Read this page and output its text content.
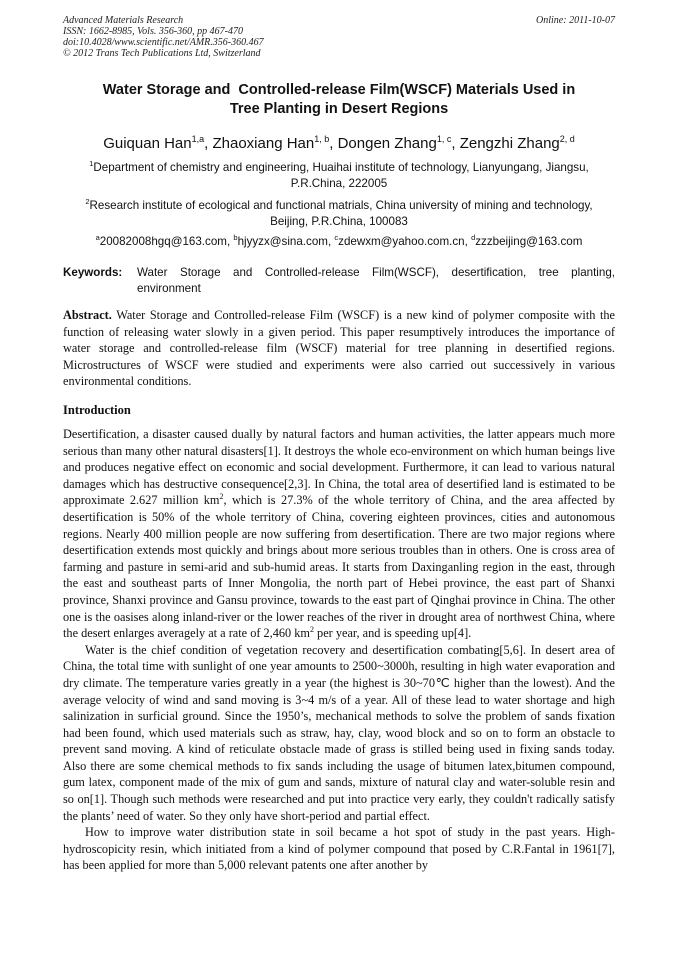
Advanced Materials Research
ISSN: 1662-8985, Vols. 356-360, pp 467-470
doi:10.4028/www.scientific.net/AMR.356-360.467
© 2012 Trans Tech Publications Ltd, Switzerland
Online: 2011-10-07
Water Storage and  Controlled-release Film(WSCF) Materials Used in
Tree Planting in Desert Regions
Guiquan Han$^{1,a}$, Zhaoxiang Han$^{1, b}$, Dongen Zhang$^{1, c}$, Zengzhi Zhang$^{2, d}$
$^1$Department of chemistry and engineering, Huaihai institute of technology, Lianyungang, Jiangsu,
P.R.China, 222005
$^2$Research institute of ecological and functional matrials, China university of mining and technology,
Beijing, P.R.China, 100083
$^a$20082008hgq@163.com, $^b$hjyyzx@sina.com, $^c$zdewxm@yahoo.com.cn, $^d$zzzbeijing@163.com
Keywords: Water Storage and Controlled-release Film(WSCF), desertification, tree planting, environment
Abstract. Water Storage and Controlled-release Film (WSCF) is a new kind of polymer composite with the function of releasing water slowly in a given period. This paper resumptively introduces the importance of water storage and controlled-release film (WSCF) material for tree planning in desertified regions. Microstructures of WSCF were studied and experiments were also carried out successively in various environmental conditions.
Introduction

Desertification, a disaster caused dually by natural factors and human activities, the latter appears much more serious than many other natural disasters[1]. It destroys the whole eco-environment on which human beings live and produces negative effect on economic and social development. Furthermore, it can lead to various natural damages which has destructive consequence[2,3]. In China, the total area of desertified land is estimated to be approximate 2.627 million $km^2$, which is 27.3% of the whole territory of China, and the area affected by desertification is 50% of the whole territory of China, covering eighteen provinces, cities and autonomous regions. Nearly 400 million people are now suffering from desertification. There are two major regions where desertification extends most quickly and brings about more serious troubles than in others. One is cross area of farming and pasture in semi-arid and sub-humid areas. It starts from Daxinganling region in the east, through the east and southeast parts of Inner Mongolia, the north part of Hebei province, the east part of Shanxi province, Shanxi province and Gansu province, towards to the east part of Qinghai province in China. The other one is the oasises along inland-river or the lower reaches of the river in drought area of northwest China, where the desert enlarges averagely at a rate of 2,460 $km^2$ per year, and is speeding up[4].

Water is the chief condition of vegetation recovery and desertification combating[5,6]. In desert area of China, the total time with sunlight of one year amounts to 2500~3000h, resulting in high water evaporation and dry climate. The temperature varies greatly in a year (the highest is 30~70℃ higher than the lowest). And the average velocity of wind and sand moving is 3~4 m/s of a year. All of these lead to water shortage and high salinization in surficial ground. Since the 1950’s, mechanical methods to solve the problem of sands fixation had been found, which used materials such as straw, hay, clay, wood block and so on to form an obstacle to prevent sand moving. A kind of reticulate obstacle made of grass is stilled being used in fixing sands today. Also there are some chemical methods to fix sands including the usage of bitumen latex,bitumen compound, gum latex, component made of the mix of gum and sands, mixture of natural clay and water-soluble resin and so on[1]. Though such methods were researched and put into practice very early, they couldn't radically satisfy the plants’ need of water. So they only have short-period and partial effect.

How to improve water distribution state in soil became a hot spot of study in the past years. High-hydroscopicity resin, which initiated from a kind of polymer compound that posed by C.R.Fantal in 1961[7], has been applied for more than 5,000 relevant patents one after another by
